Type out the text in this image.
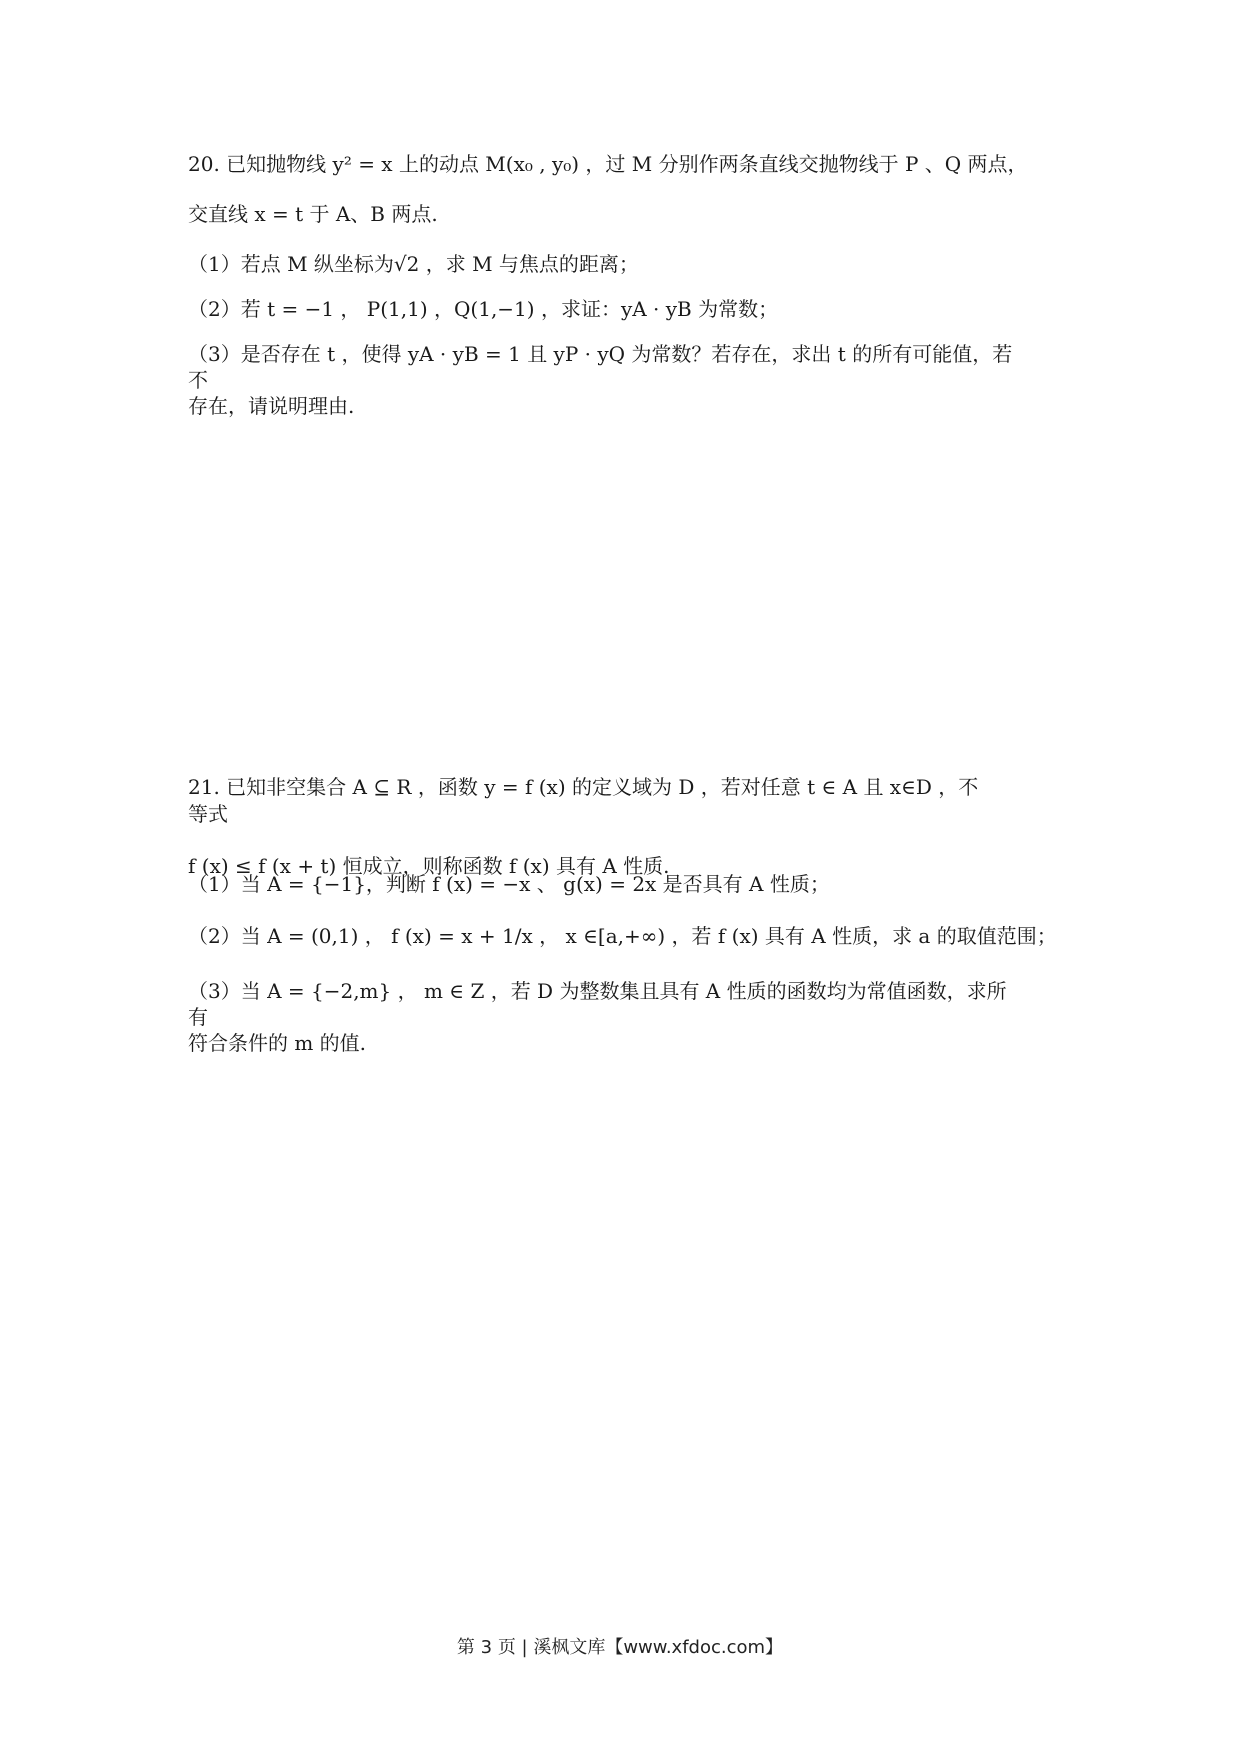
20. 已知抛物线 y² = x 上的动点 M(x₀ , y₀) ，过 M 分别作两条直线交抛物线于 P 、Q 两点，
交直线 x = t 于 A、B 两点.
（1）若点 M 纵坐标为√2 ，求 M 与焦点的距离；
（2）若 t = −1 ， P(1,1) ，Q(1,−1) ，求证：yA · yB 为常数；
（3）是否存在 t ，使得 yA · yB = 1 且 yP · yQ 为常数？若存在，求出 t 的所有可能值，若
不
存在，请说明理由.
21. 已知非空集合 A ⊆ R ，函数 y = f (x) 的定义域为 D ，若对任意 t ∈ A 且 x∈D ，不
等式
f (x) ≤ f (x + t) 恒成立，则称函数 f (x) 具有 A 性质.
（1）当 A = {−1}，判断 f (x) = −x 、 g(x) = 2x 是否具有 A 性质；
（2）当 A = (0,1) ， f (x) = x + 1/x ， x ∈[a,+∞) ，若 f (x) 具有 A 性质，求 a 的取值范围；
（3）当 A = {−2,m} ， m ∈ Z ，若 D 为整数集且具有 A 性质的函数均为常值函数，求所
有
符合条件的 m 的值.
第 3 页 | 溪枫文库【www.xfdoc.com】
